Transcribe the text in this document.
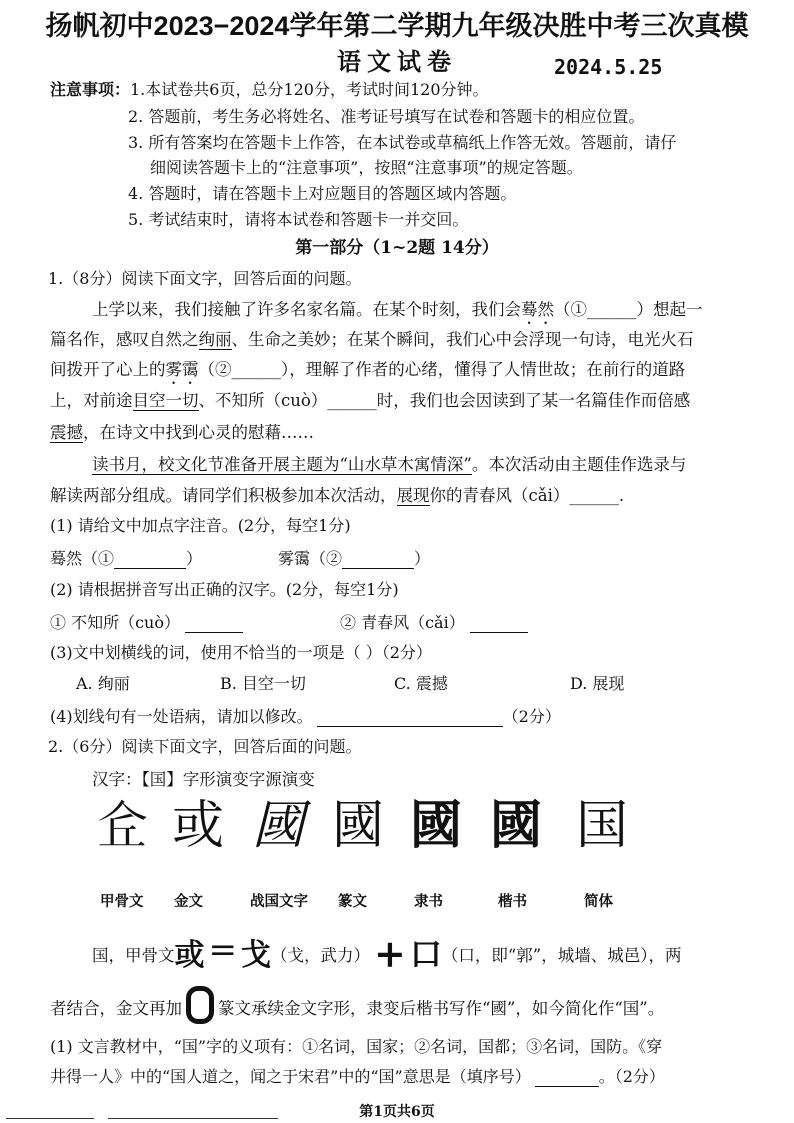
扬帆初中2023−2024学年第二学期九年级决胜中考三次真模
语文试卷	2024.5.25
注意事项： 1.本试卷共6页，总分120分，考试时间120分钟。
2. 答题前，考生务必将姓名、准考证号填写在试卷和答题卡的相应位置。
3. 所有答案均在答题卡上作答，在本试卷或草稿纸上作答无效。答题前，请仔
细阅读答题卡上的“注意事项”，按照“注意事项”的规定答题。
4. 答题时，请在答题卡上对应题目的答题区域内答题。
5. 考试结束时，请将本试卷和答题卡一并交回。
第一部分（1~2题 14分）
1.（8分）阅读下面文字，回答后面的问题。
上学以来，我们接触了许多名家名篇。在某个时刻，我们会蓦然（①______）想起一
篇名作，感叹自然之绚丽、生命之美妙；在某个瞬间，我们心中会浮现一句诗，电光火石
间拨开了心上的雾霭（②______），理解了作者的心绪，懂得了人情世故；在前行的道路
上，对前途目空一切、不知所（cuò）______时，我们也会因读到了某一名篇佳作而倍感
震撼，在诗文中找到心灵的慰藉……
读书月，校文化节准备开展主题为“山水草木寓情深”。本次活动由主题佳作选录与
解读两部分组成。请同学们积极参加本次活动，展现你的青春风（cǎi）______.
(1) 请给文中加点字注音。(2分，每空1分)
蓦然（①	）	雾霭（②	）
(2) 请根据拼音写出正确的汉字。(2分，每空1分)
① 不知所（cuò）	② 青春风（cǎi）
(3)文中划横线的词，使用不恰当的一项是（ ）（2分）
A. 绚丽	B. 目空一切	C. 震撼	D. 展现
(4)划线句有一处语病，请加以修改。	（2分）
2.（6分）阅读下面文字，回答后面的问题。
汉字：【国】字形演变字源演变
𠇯 或 國 國 國 國 国
甲骨文 金文	战国文字 篆文	隶书	楷书	简体
国，甲骨文或 = 戈（戈，武力） + 口（口，即“郭”，城墙、城邑），两
者结合，金文再加 篆文承续金文字形，隶变后楷书写作“國”，如今简化作“国”。
(1) 文言教材中，“国”字的义项有：①名词，国家；②名词，国都；③名词，国防。《穿
井得一人》中的“国人道之，闻之于宋君”中的“国”意思是（填序号）	。（2分）
第1页共6页
